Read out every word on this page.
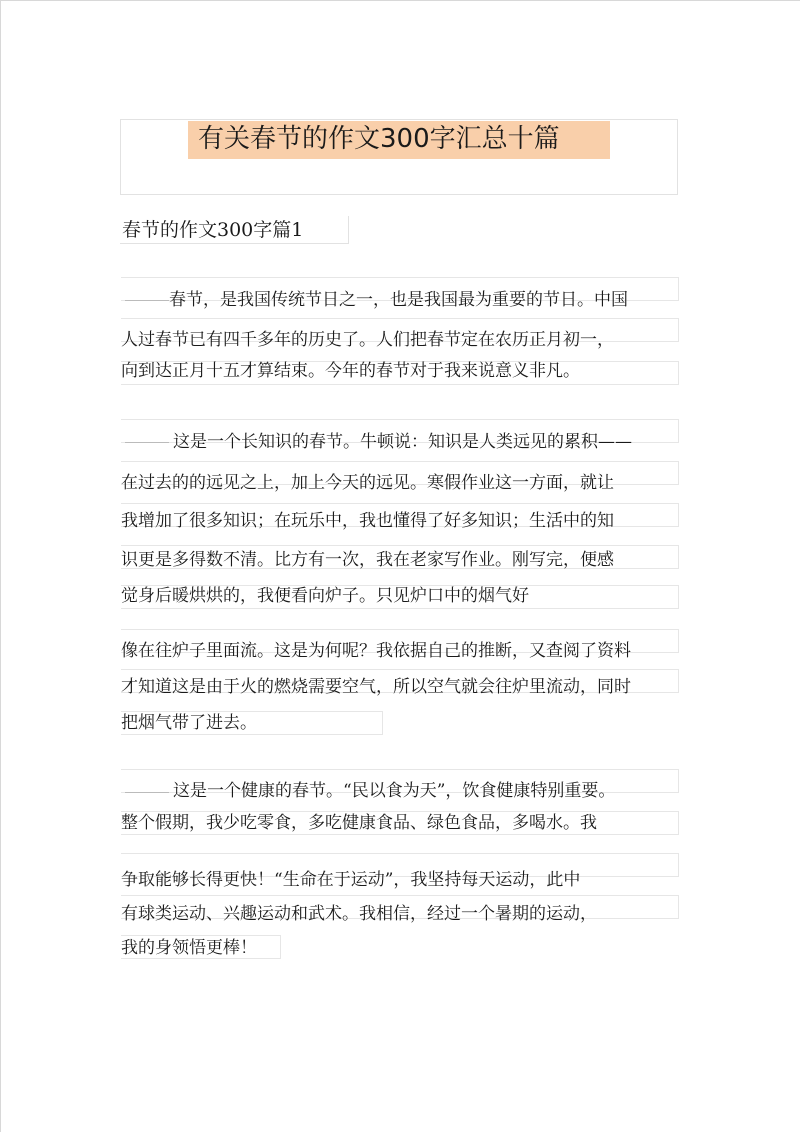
有关春节的作文300字汇总十篇
春节的作文300字篇1
春节，是我国传统节日之一，也是我国最为重要的节日。中国
人过春节已有四千多年的历史了。人们把春节定在农历正月初一，
向到达正月十五才算结束。今年的春节对于我来说意义非凡。
这是一个长知识的春节。牛顿说：知识是人类远见的累积——
在过去的的远见之上，加上今天的远见。寒假作业这一方面，就让
我增加了很多知识；在玩乐中，我也懂得了好多知识；生活中的知
识更是多得数不清。比方有一次，我在老家写作业。刚写完，便感
觉身后暖烘烘的，我便看向炉子。只见炉口中的烟气好
像在往炉子里面流。这是为何呢？我依据自己的推断，又查阅了资料
才知道这是由于火的燃烧需要空气，所以空气就会往炉里流动，同时
把烟气带了进去。
这是一个健康的春节。“民以食为天”，饮食健康特别重要。
整个假期，我少吃零食，多吃健康食品、绿色食品，多喝水。我
争取能够长得更快！“生命在于运动”，我坚持每天运动，此中
有球类运动、兴趣运动和武术。我相信，经过一个暑期的运动，
我的身领悟更棒！
